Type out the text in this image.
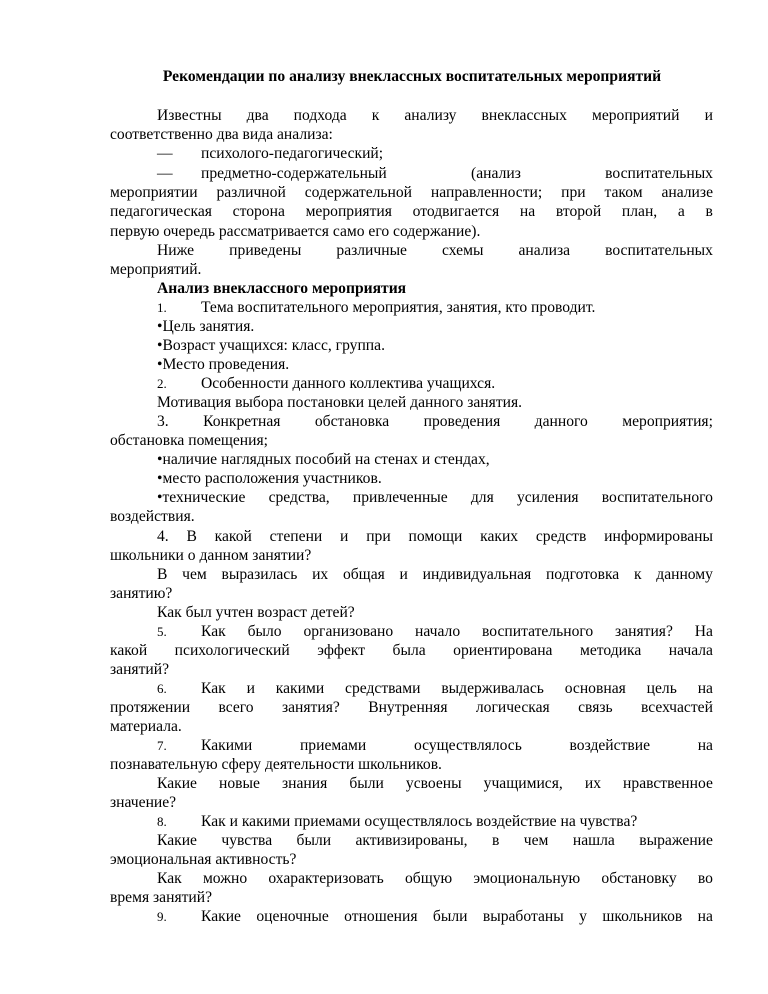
Рекомендации по анализу внеклассных воспитательных мероприятий
Известны два подхода к анализу внеклассных мероприятий и
соответственно два вида анализа:
— психолого-педагогический;
— предметно-содержательный	(анализ	воспитательных
мероприятии различной содержательной направленности; при таком анализе
педагогическая сторона мероприятия отодвигается на второй план, а в
первую очередь рассматривается само его содержание).
Ниже приведены различные схемы анализа воспитательных
мероприятий.
Анализ внеклассного мероприятия
1. Тема воспитательного мероприятия, занятия, кто проводит.
•Цель занятия.
•Возраст учащихся: класс, группа.
•Место проведения.
2. Особенности данного коллектива учащихся.
Мотивация выбора постановки целей данного занятия.
3. Конкретная обстановка проведения данного мероприятия;
обстановка помещения;
•наличие наглядных пособий на стенах и стендах,
•место расположения участников.
• технические средства, привлеченные для усиления воспитательного
воздействия.
4. В какой степени и при помощи каких средств информированы
школьники о данном занятии?
В чем выразилась их общая и индивидуальная подготовка к данному
занятию?
Как был учтен возраст детей?
5. Как было организовано начало воспитательного занятия? На
какой психологический эффект была ориентирована методика начала
занятий?
6. Как и какими средствами выдерживалась основная цель на
протяжении всего занятия? Внутренняя логическая связь всехчастей
материала.
7. Какими	приемами	осуществлялось	воздействие	на
познавательную сферу деятельности школьников.
Какие новые знания были усвоены учащимися, их нравственное
значение?
8. Как и какими приемами осуществлялось воздействие на чувства?
Какие чувства были активизированы, в чем нашла выражение
эмоциональная активность?
Как можно охарактеризовать общую эмоциональную обстановку во
время занятий?
9. Какие оценочные отношения были выработаны у школьников на
